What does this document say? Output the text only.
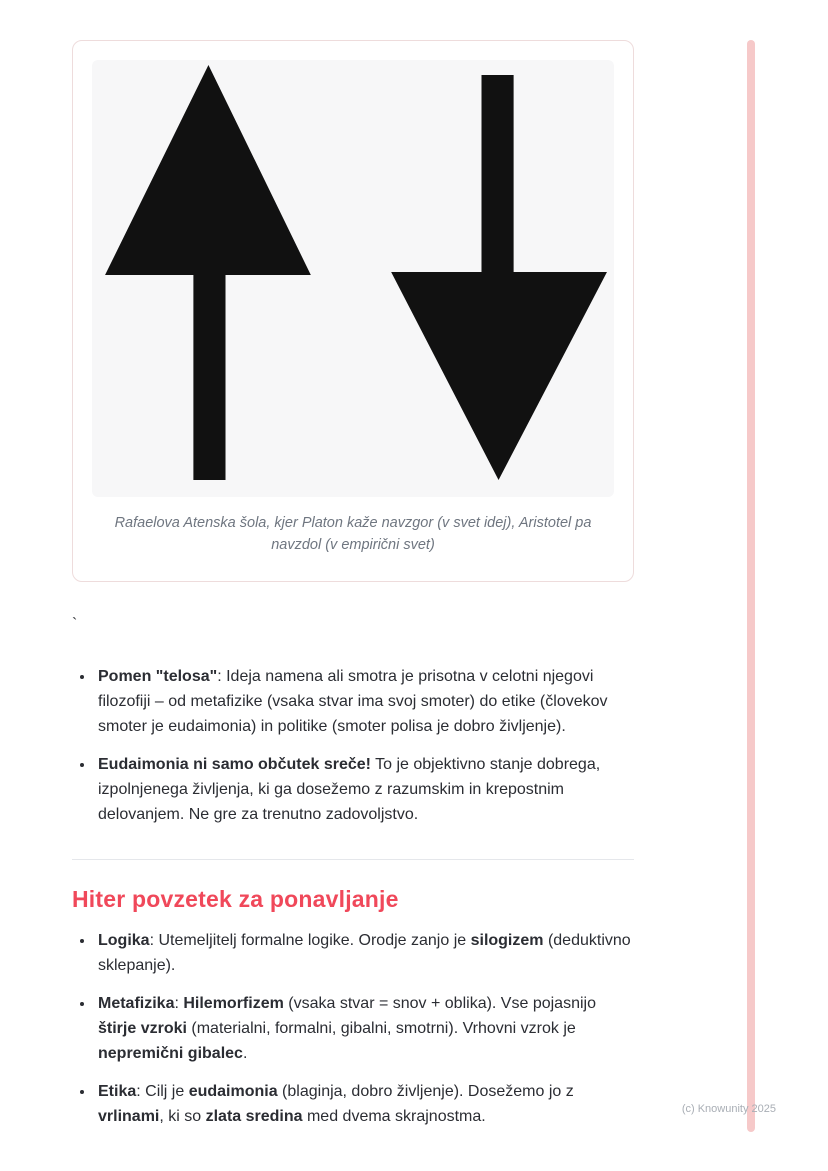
Rafaelova Atenska šola, kjer Platon kaže navzgor (v svet idej), Aristotel pa navzdol (v empirični svet)
`
• Pomen "telosa": Ideja namena ali smotra je prisotna v celotni njegovi filozofiji – od metafizike (vsaka stvar ima svoj smoter) do etike (človekov smoter je eudaimonia) in politike (smoter polisa je dobro življenje).
• Eudaimonia ni samo občutek sreče! To je objektivno stanje dobrega, izpolnjenega življenja, ki ga dosežemo z razumskim in krepostnim delovanjem. Ne gre za trenutno zadovoljstvo.
Hiter povzetek za ponavljanje
• Logika: Utemeljitelj formalne logike. Orodje zanjo je silogizem (deduktivno sklepanje).
• Metafizika: Hilemorfizem (vsaka stvar = snov + oblika). Vse pojasnijo štirje vzroki (materialni, formalni, gibalni, smotrni). Vrhovni vzrok je nepremični gibalec.
• Etika: Cilj je eudaimonia (blaginja, dobro življenje). Dosežemo jo z vrlinami, ki so zlata sredina med dvema skrajnostma.	(c) Knowunity 2025
